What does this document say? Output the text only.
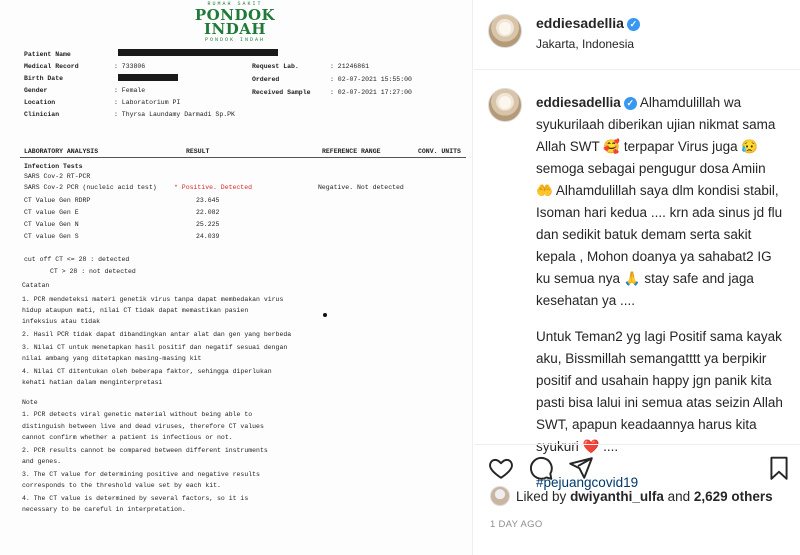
RUMAH SAKIT
PONDOK INDAH
PONDOK INDAH
Patient Name
Medical Record	: 733806
Birth Date
Gender	: Female
Location	: Laboratorium PI
Clinician	: Thyrsa Laundamy Darmadi Sp.PK
Request Lab.	: 21246861
Ordered	: 02-07-2021 15:55:00
Received Sample	: 02-07-2021 17:27:00
LABORATORY ANALYSIS	RESULT	REFERENCE RANGE	CONV. UNITS
Infection Tests
SARS Cov-2 RT-PCR
SARS Cov-2 PCR (nucleic acid test)	* Positive. Detected	Negative. Not detected
CT Value Gen RDRP	23.645
CT value Gen E	22.082
CT Value Gen N	25.225
CT value Gen S	24.039
cut off CT <= 28 : detected
CT > 28 : not detected
Catatan
1. PCR mendeteksi materi genetik virus tanpa dapat membedakan virus
hidup ataupun mati, nilai CT tidak dapat memastikan pasien
infeksius atau tidak
2. Hasil PCR tidak dapat dibandingkan antar alat dan gen yang berbeda
3. Nilai CT untuk menetapkan hasil positif dan negatif sesuai dengan
nilai ambang yang ditetapkan masing-masing kit
4. Nilai CT ditentukan oleh beberapa faktor, sehingga diperlukan
kehati hatian dalam menginterpretasi
Note
1. PCR detects viral genetic material without being able to
distinguish between live and dead viruses, therefore CT values
cannot confirm whether a patient is infectious or not.
2. PCR results cannot be compared between different instruments
and genes.
3. The CT value for determining positive and negative results
corresponds to the threshold value set by each kit.
4. The CT value is determined by several factors, so it is
necessary to be careful in interpretation.
eddiesadellia ✓
Jakarta, Indonesia

eddiesadellia ✓ Alhamdulillah wa syukurilaah diberikan ujian nikmat sama Allah SWT 🥰 terpapar Virus juga 😥 semoga sebagai pengugur dosa Amiin 🤲 Alhamdulillah saya dlm kondisi stabil, Isoman hari kedua .... krn ada sinus jd flu dan sedikit batuk demam serta sakit kepala , Mohon doanya ya sahabat2 IG ku semua nya 🙏 stay safe and jaga kesehatan ya ....

Untuk Teman2 yg lagi Positif sama kayak aku, Bissmillah semangatttt ya berpikir positif and usahain happy jgn panik kita pasti bisa lalui ini semua atas seizin Allah SWT, apapun keadaannya harus kita syukuri ❤️ ....

#pejuangcovid19

Liked by dwiyanthi_ulfa and 2,629 others
1 DAY AGO
